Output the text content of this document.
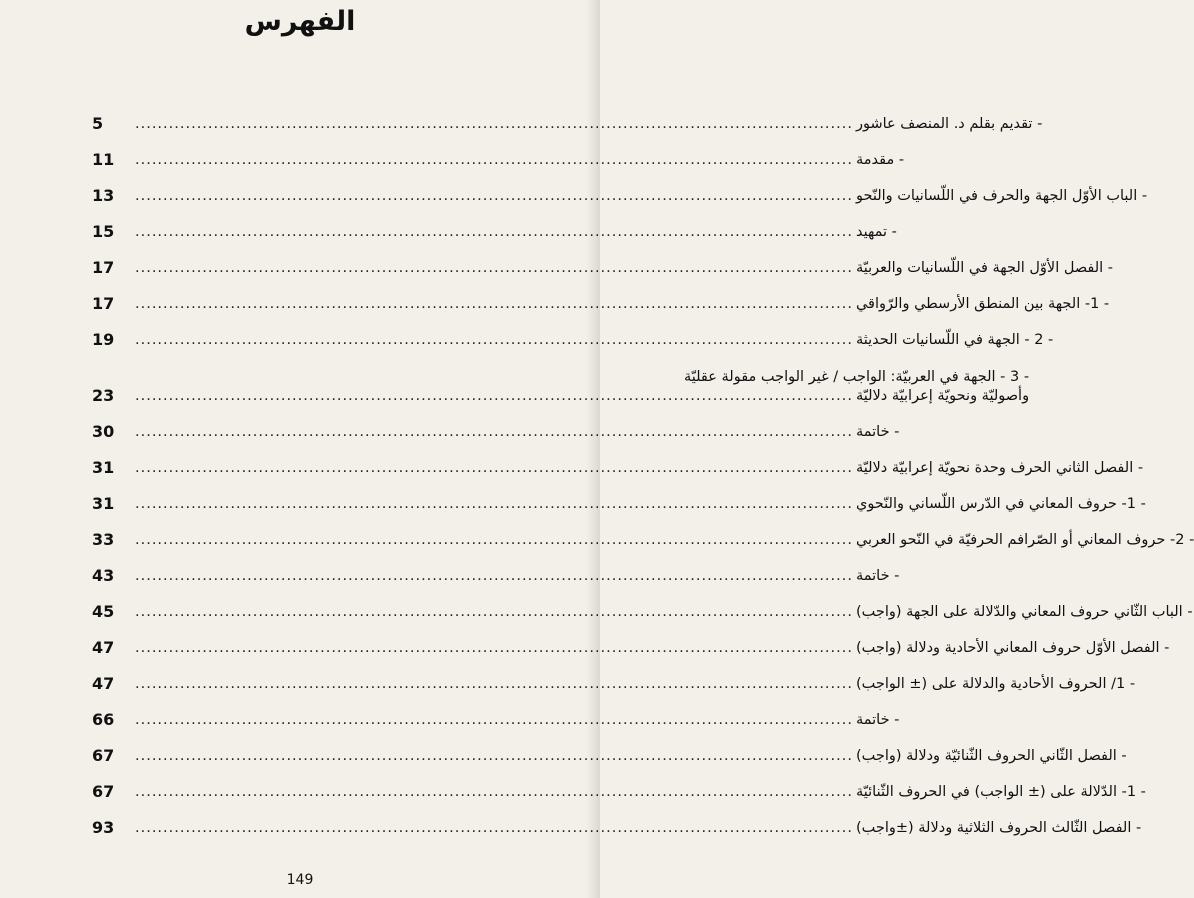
الفهرس
5	- تقديم بقلم د. المنصف عاشور
.....
11	- مقدمة
.....
13	- الباب الأوّل الجهة والحرف في اللّسانيات والنّحو
.....
15	- تمهيد
.....
17	- الفصل الأوّل الجهة في اللّسانيات والعربيّة
.....
17	- 1- الجهة بين المنطق الأرسطي والرّواقي
.....
19	- 2 - الجهة في اللّسانيات الحديثة
.....
23
- 3 - الجهة في العربيّة: الواجب / غير الواجب مقولة عقليّة
وأصوليّة ونحويّة إعرابيّة دلاليّة
.....
30	- خاتمة
.....
31	- الفصل الثاني الحرف وحدة نحويّة إعرابيّة دلاليّة
.....
31	- 1- حروف المعاني في الدّرس اللّساني والنّحوي
.....
33	- 2- حروف المعاني أو الصّرافم الحرفيّة في النّحو العربي
.....
43	- خاتمة
.....
45	- الباب الثّاني حروف المعاني والدّلالة على الجهة (واجب)
.....
47	- الفصل الأوّل حروف المعاني الأحادية ودلالة (واجب)
.....
47	- 1/ الحروف الأحادية والدلالة على (± الواجب)
.....
66	- خاتمة
.....
67	- الفصل الثّاني الحروف الثّنائيّة ودلالة (واجب)
.....
67	- 1- الدّلالة على (± الواجب) في الحروف الثّنائيّة
.....
93	- الفصل الثّالث الحروف الثلاثية ودلالة (±واجب)
.....
149
